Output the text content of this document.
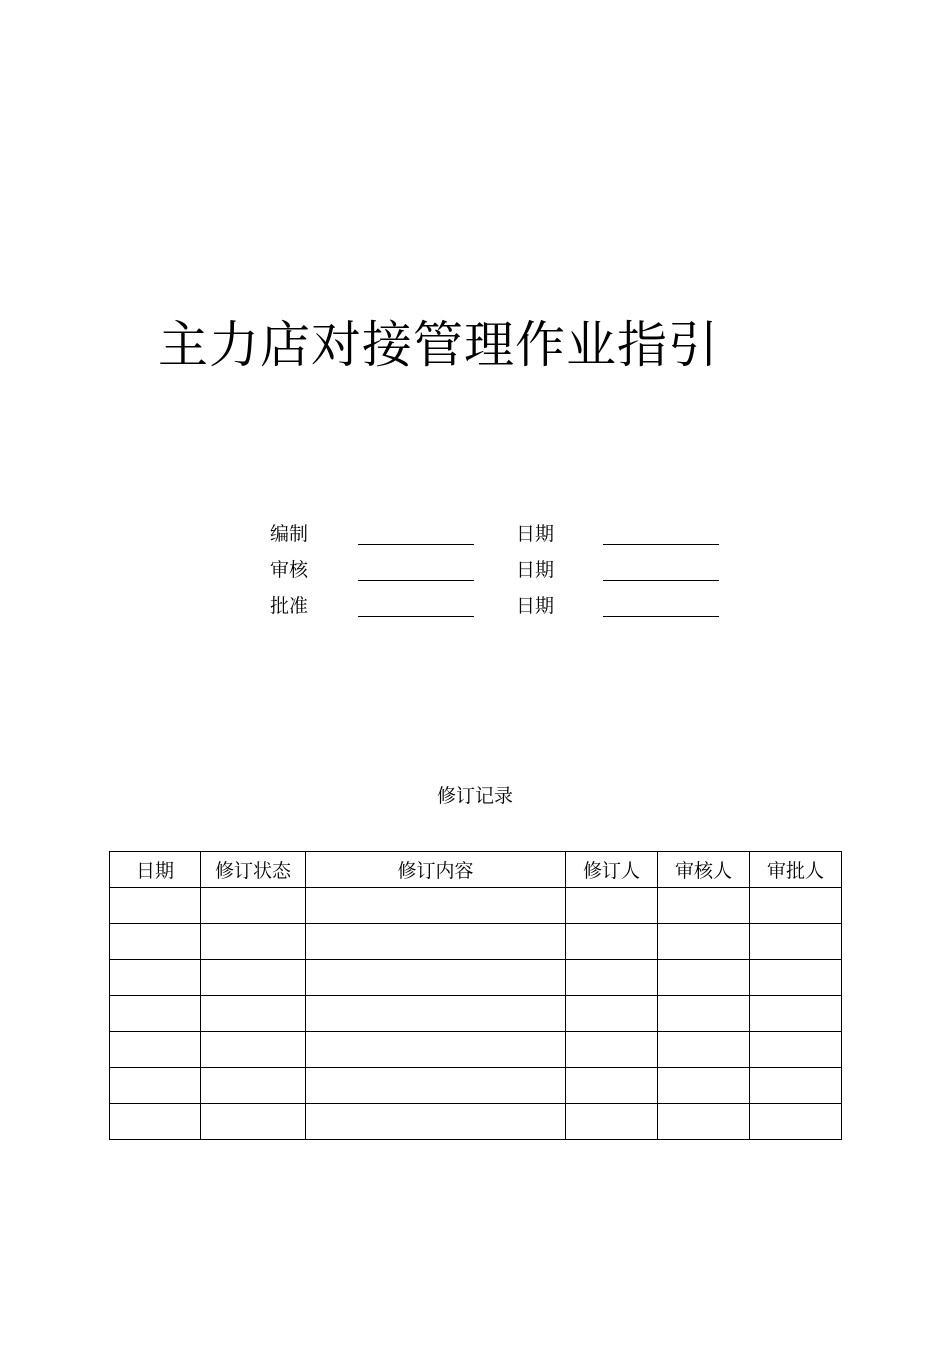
主力店对接管理作业指引
编制	日期
审核	日期
批准	日期
修订记录
日期	修订状态	修订内容	修订人	审核人	审批人
